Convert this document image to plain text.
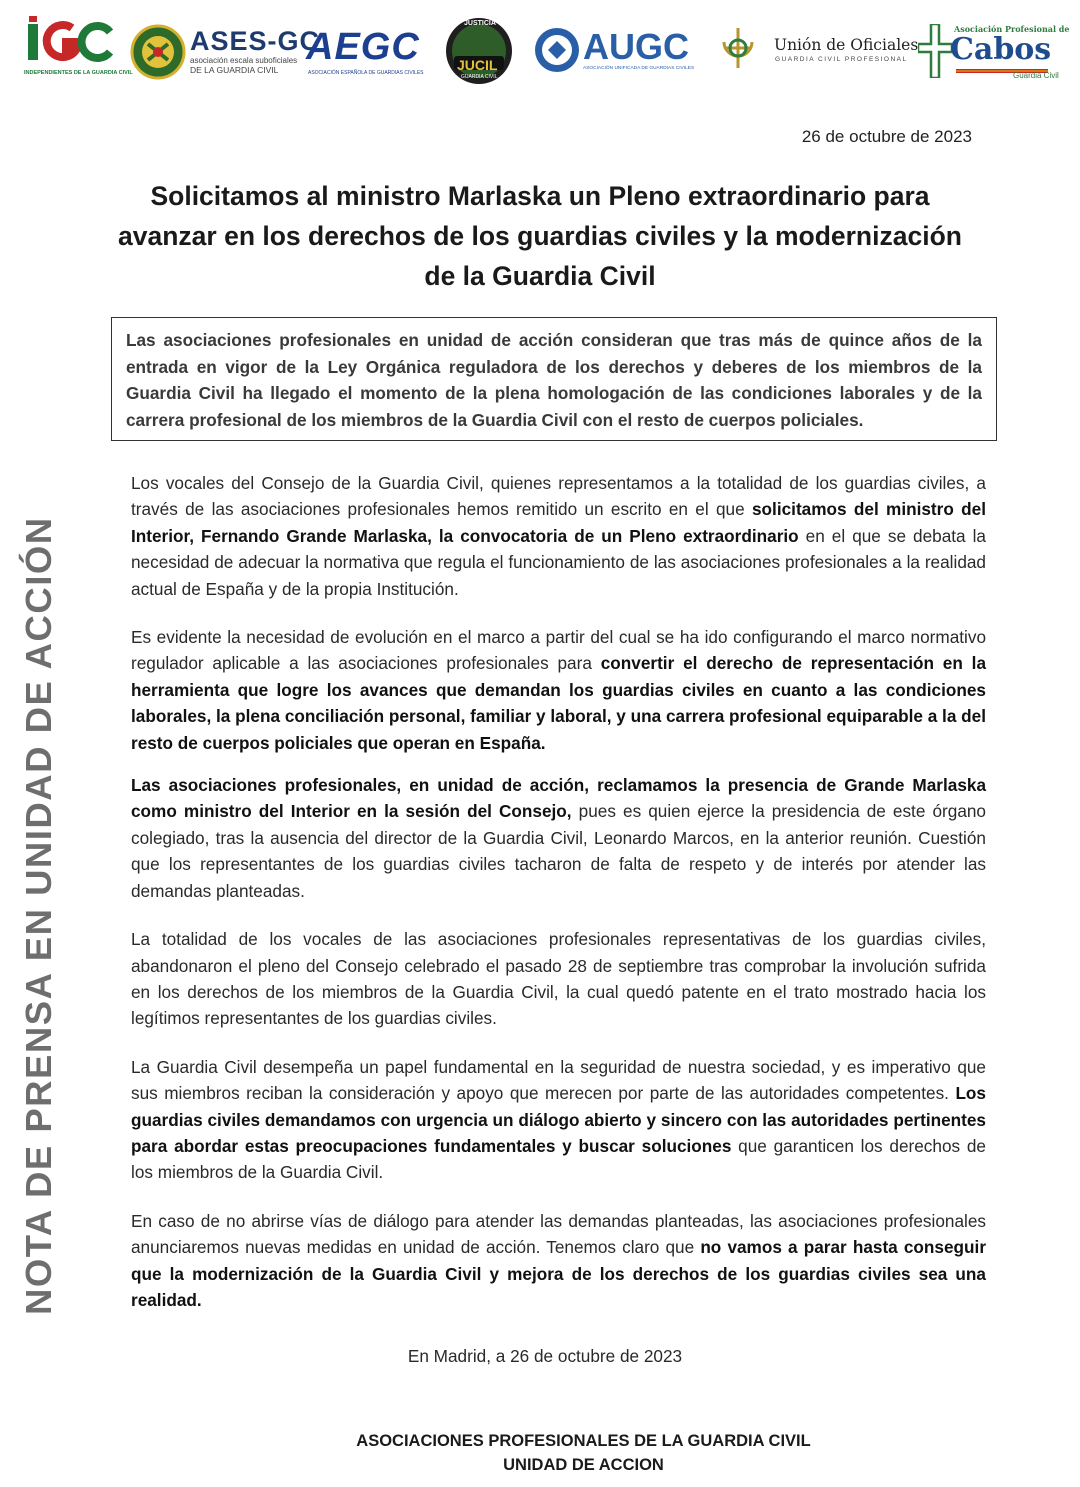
INDEPENDIENTES DE LA GUARDIA CIVIL
ASES-GC
asociación escala suboficiales
DE LA GUARDIA CIVIL
AEGC
ASOCIACIÓN ESPAÑOLA DE GUARDIAS CIVILES
JUSTICIA
JUCIL
GUARDIA CIVIL
AUGC
ASOCIACIÓN UNIFICADA DE GUARDIAS CIVILES
Unión de Oficiales
GUARDIA CIVIL PROFESIONAL
Asociación Profesional de
Cabos
Guardia Civil
26 de octubre de 2023
Solicitamos al ministro Marlaska un Pleno extraordinario para
avanzar en los derechos de los guardias civiles y la modernización
de la Guardia Civil
Las asociaciones profesionales en unidad de acción consideran que tras más de quince años de la entrada en vigor de la Ley Orgánica reguladora de los derechos y deberes de los miembros de la Guardia Civil ha llegado el momento de la plena homologación de las condiciones laborales y de la carrera profesional de los miembros de la Guardia Civil con el resto de cuerpos policiales.
NOTA DE PRENSA EN UNIDAD DE ACCIÓN

Los vocales del Consejo de la Guardia Civil, quienes representamos a la totalidad de los guardias civiles, a través de las asociaciones profesionales hemos remitido un escrito en el que solicitamos del ministro del Interior, Fernando Grande Marlaska, la convocatoria de un Pleno extraordinario en el que se debata la necesidad de adecuar la normativa que regula el funcionamiento de las asociaciones profesionales a la realidad actual de España y de la propia Institución.

Es evidente la necesidad de evolución en el marco a partir del cual se ha ido configurando el marco normativo regulador aplicable a las asociaciones profesionales para convertir el derecho de representación en la herramienta que logre los avances que demandan los guardias civiles en cuanto a las condiciones laborales, la plena conciliación personal, familiar y laboral, y una carrera profesional equiparable a la del resto de cuerpos policiales que operan en España.

Las asociaciones profesionales, en unidad de acción, reclamamos la presencia de Grande Marlaska como ministro del Interior en la sesión del Consejo, pues es quien ejerce la presidencia de este órgano colegiado, tras la ausencia del director de la Guardia Civil, Leonardo Marcos, en la anterior reunión. Cuestión que los representantes de los guardias civiles tacharon de falta de respeto y de interés por atender las demandas planteadas.

La totalidad de los vocales de las asociaciones profesionales representativas de los guardias civiles, abandonaron el pleno del Consejo celebrado el pasado 28 de septiembre tras comprobar la involución sufrida en los derechos de los miembros de la Guardia Civil, la cual quedó patente en el trato mostrado hacia los legítimos representantes de los guardias civiles.

La Guardia Civil desempeña un papel fundamental en la seguridad de nuestra sociedad, y es imperativo que sus miembros reciban la consideración y apoyo que merecen por parte de las autoridades competentes. Los guardias civiles demandamos con urgencia un diálogo abierto y sincero con las autoridades pertinentes para abordar estas preocupaciones fundamentales y buscar soluciones que garanticen los derechos de los miembros de la Guardia Civil.

En caso de no abrirse vías de diálogo para atender las demandas planteadas, las asociaciones profesionales anunciaremos nuevas medidas en unidad de acción. Tenemos claro que no vamos a parar hasta conseguir que la modernización de la Guardia Civil y mejora de los derechos de los guardias civiles sea una realidad.

En Madrid, a 26 de octubre de 2023
ASOCIACIONES PROFESIONALES DE LA GUARDIA CIVIL
UNIDAD DE ACCION
